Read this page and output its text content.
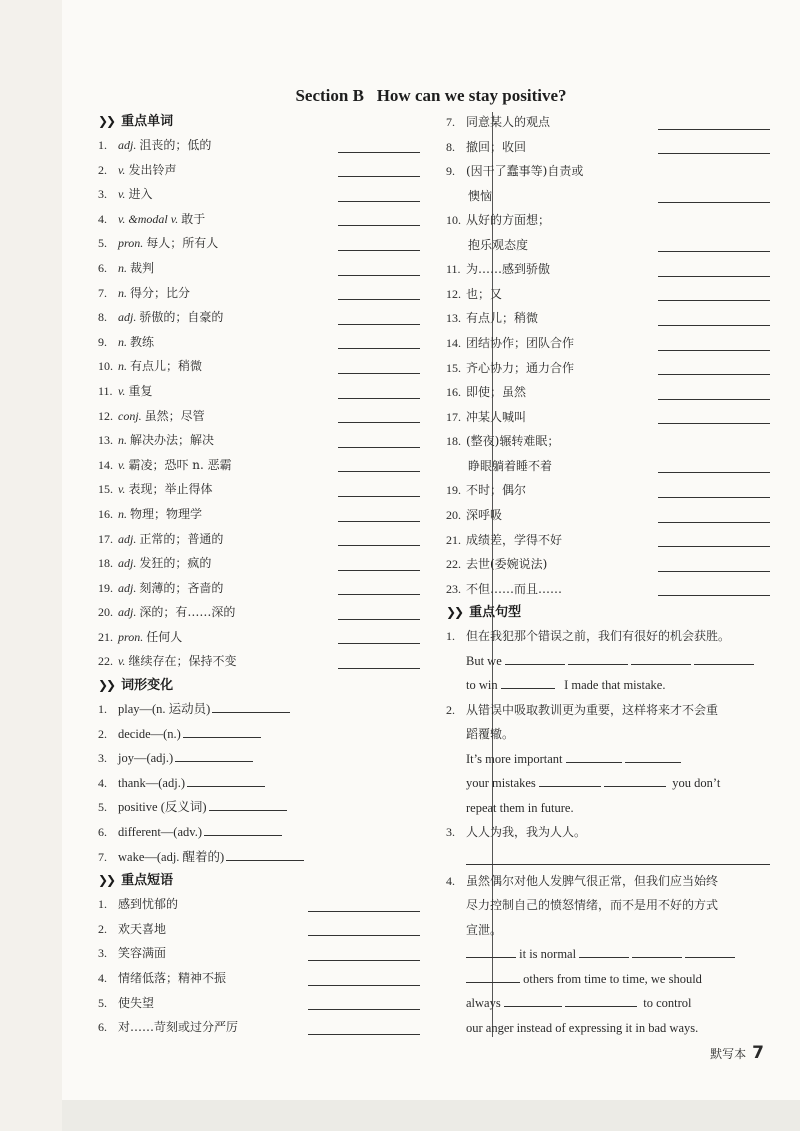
Section B   How can we stay positive?
❯❯ 重点单词
1. adj. 沮丧的；低的
2. v. 发出铃声
3. v. 进入
4. v. &modal v. 敢于
5. pron. 每人；所有人
6. n. 裁判
7. n. 得分；比分
8. adj. 骄傲的；自豪的
9. n. 教练
10. n. 有点儿；稍微
11. v. 重复
12. conj. 虽然；尽管
13. n. 解决办法；解决
14. v. 霸凌；恐吓 n. 恶霸
15. v. 表现；举止得体
16. n. 物理；物理学
17. adj. 正常的；普通的
18. adj. 发狂的；疯的
19. adj. 刻薄的；吝啬的
20. adj. 深的；有……深的
21. pron. 任何人
22. v. 继续存在；保持不变
❯❯ 词形变化
1. play—(n. 运动员)
2. decide—(n.)
3. joy—(adj.)
4. thank—(adj.)
5. positive (反义词)
6. different—(adv.)
7. wake—(adj. 醒着的)
❯❯ 重点短语
1. 感到忧郁的
2. 欢天喜地
3. 笑容满面
4. 情绪低落；精神不振
5. 使失望
6. 对……苛刻或过分严厉
7. 同意某人的观点
8. 撤回；收回
9. (因干了蠢事等)自责或
懊恼
10. 从好的方面想；
抱乐观态度
11. 为……感到骄傲
12. 也；又
13. 有点儿；稍微
14. 团结协作；团队合作
15. 齐心协力；通力合作
16. 即使；虽然
17. 冲某人喊叫
18. (整夜)辗转难眠；
睁眼躺着睡不着
19. 不时；偶尔
20. 深呼吸
21. 成绩差，学得不好
22. 去世(委婉说法)
23. 不但……而且……
❯❯ 重点句型
1. 但在我犯那个错误之前，我们有很好的机会获胜。
But we
to win	I made that mistake.
2. 从错误中吸取教训更为重要，这样将来才不会重
蹈覆辙。
It’s more important
your mistakes	you don’t
repeat them in future.
3. 人人为我，我为人人。
4. 虽然偶尔对他人发脾气很正常，但我们应当始终
尽力控制自己的愤怒情绪，而不是用不好的方式
宣泄。
it is normal
others from time to time, we should
always	to control
our anger instead of expressing it in bad ways.
默写本 7
